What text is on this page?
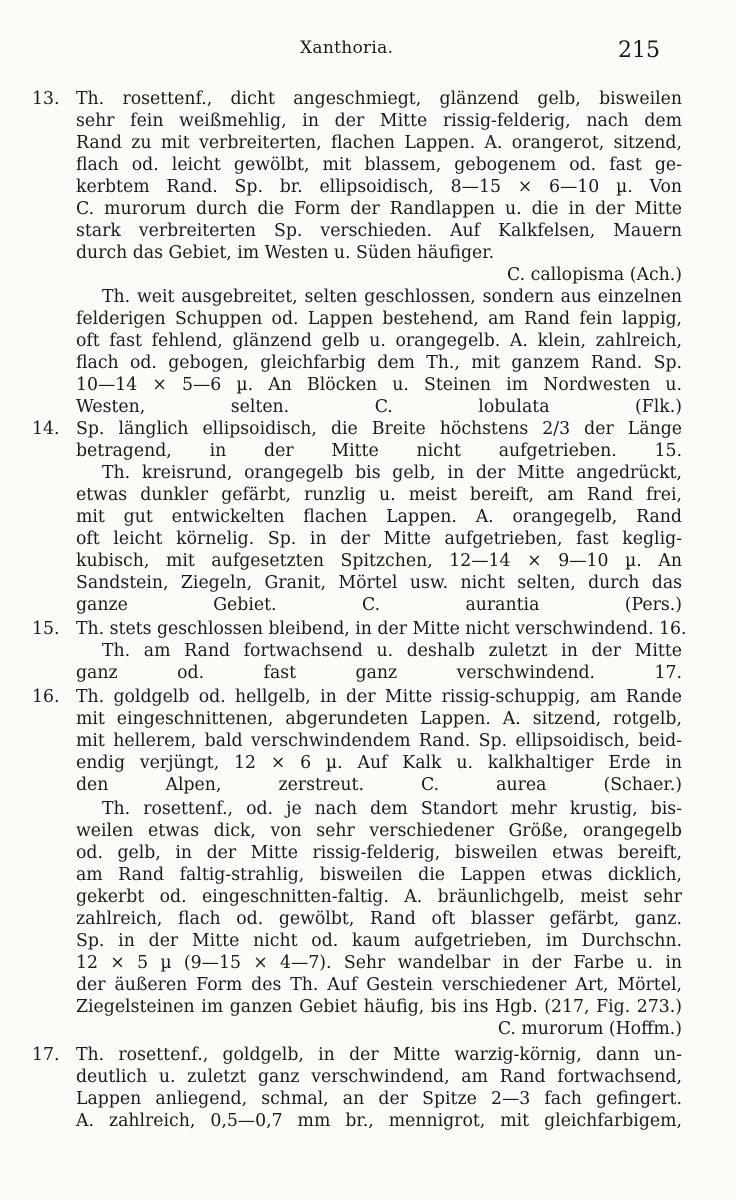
Xanthoria.	215
13. Th. rosettenf., dicht angeschmiegt, glänzend gelb, bisweilen
sehr fein weißmehlig, in der Mitte rissig-felderig, nach dem
Rand zu mit verbreiterten, flachen Lappen. A. orangerot, sitzend,
flach od. leicht gewölbt, mit blassem, gebogenem od. fast ge-
kerbtem Rand. Sp. br. ellipsoidisch, 8—15 × 6—10 µ. Von
C. murorum durch die Form der Randlappen u. die in der Mitte
stark verbreiterten Sp. verschieden. Auf Kalkfelsen, Mauern
durch das Gebiet, im Westen u. Süden häufiger.
C. callopisma (Ach.)
Th. weit ausgebreitet, selten geschlossen, sondern aus einzelnen
felderigen Schuppen od. Lappen bestehend, am Rand fein lappig,
oft fast fehlend, glänzend gelb u. orangegelb. A. klein, zahlreich,
flach od. gebogen, gleichfarbig dem Th., mit ganzem Rand. Sp.
10—14 × 5—6 µ. An Blöcken u. Steinen im Nordwesten u.
Westen, selten. C. lobulata (Flk.)
14. Sp. länglich ellipsoidisch, die Breite höchstens 2/3 der Länge
betragend, in der Mitte nicht aufgetrieben. 15.
Th. kreisrund, orangegelb bis gelb, in der Mitte angedrückt,
etwas dunkler gefärbt, runzlig u. meist bereift, am Rand frei,
mit gut entwickelten flachen Lappen. A. orangegelb, Rand
oft leicht körnelig. Sp. in der Mitte aufgetrieben, fast keglig-
kubisch, mit aufgesetzten Spitzchen, 12—14 × 9—10 µ. An
Sandstein, Ziegeln, Granit, Mörtel usw. nicht selten, durch das
ganze Gebiet. C. aurantia (Pers.)
15. Th. stets geschlossen bleibend, in der Mitte nicht verschwindend. 16.
Th. am Rand fortwachsend u. deshalb zuletzt in der Mitte
ganz od. fast ganz verschwindend. 17.
16. Th. goldgelb od. hellgelb, in der Mitte rissig-schuppig, am Rande
mit eingeschnittenen, abgerundeten Lappen. A. sitzend, rotgelb,
mit hellerem, bald verschwindendem Rand. Sp. ellipsoidisch, beid-
endig verjüngt, 12 × 6 µ. Auf Kalk u. kalkhaltiger Erde in
den Alpen, zerstreut. C. aurea (Schaer.)
Th. rosettenf., od. je nach dem Standort mehr krustig, bis-
weilen etwas dick, von sehr verschiedener Größe, orangegelb
od. gelb, in der Mitte rissig-felderig, bisweilen etwas bereift,
am Rand faltig-strahlig, bisweilen die Lappen etwas dicklich,
gekerbt od. eingeschnitten-faltig. A. bräunlichgelb, meist sehr
zahlreich, flach od. gewölbt, Rand oft blasser gefärbt, ganz.
Sp. in der Mitte nicht od. kaum aufgetrieben, im Durchschn.
12 × 5 µ (9—15 × 4—7). Sehr wandelbar in der Farbe u. in
der äußeren Form des Th. Auf Gestein verschiedener Art, Mörtel,
Ziegelsteinen im ganzen Gebiet häufig, bis ins Hgb. (217, Fig. 273.)
C. murorum (Hoffm.)
17. Th. rosettenf., goldgelb, in der Mitte warzig-körnig, dann un-
deutlich u. zuletzt ganz verschwindend, am Rand fortwachsend,
Lappen anliegend, schmal, an der Spitze 2—3 fach gefingert.
A. zahlreich, 0,5—0,7 mm br., mennigrot, mit gleichfarbigem,
